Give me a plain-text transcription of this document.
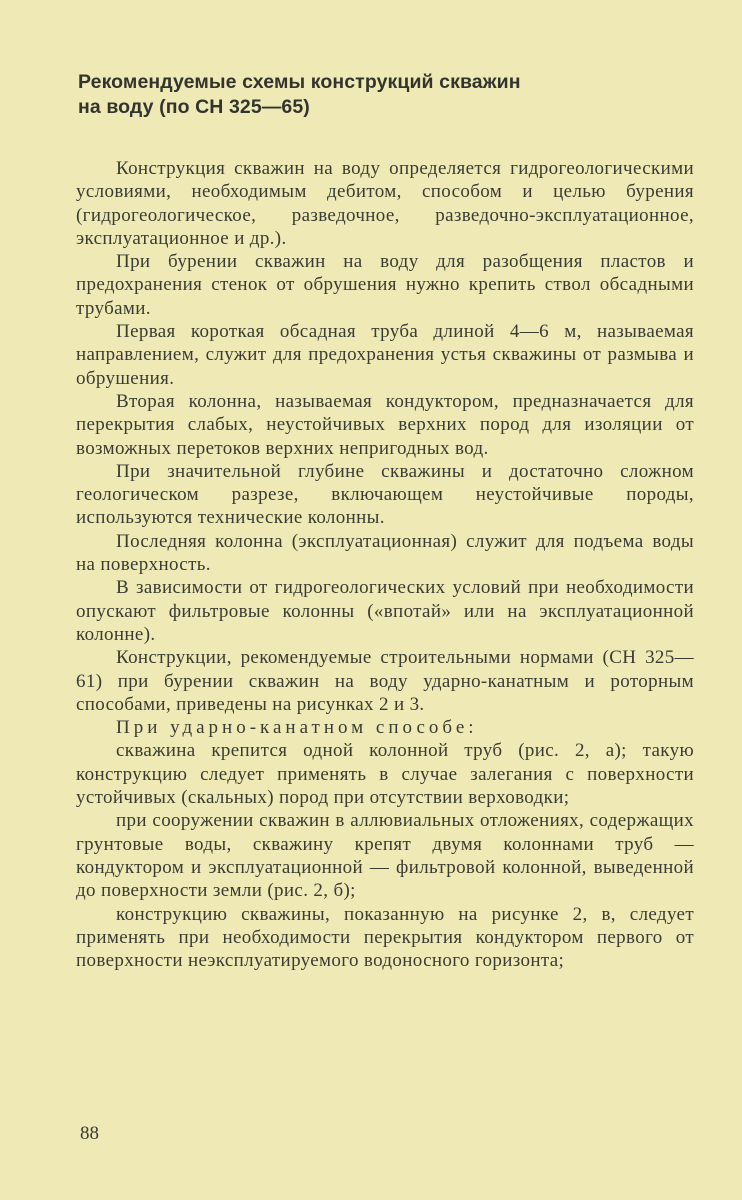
Рекомендуемые схемы конструкций скважин
на воду (по СН 325—65)

Конструкция скважин на воду определяется гидрогеологическими условиями, необходимым дебитом, способом и целью бурения (гидрогеологическое, разведочное, разведочно-эксплуатационное, эксплуатационное и др.).

При бурении скважин на воду для разобщения пластов и предохранения стенок от обрушения нужно крепить ствол обсадными трубами.

Первая короткая обсадная труба длиной 4—6 м, называемая направлением, служит для предохранения устья скважины от размыва и обрушения.

Вторая колонна, называемая кондуктором, предназначается для перекрытия слабых, неустойчивых верхних пород для изоляции от возможных перетоков верхних непригодных вод.

При значительной глубине скважины и достаточно сложном геологическом разрезе, включающем неустойчивые породы, используются технические колонны.

Последняя колонна (эксплуатационная) служит для подъема воды на поверхность.

В зависимости от гидрогеологических условий при необходимости опускают фильтровые колонны («впотай» или на эксплуатационной колонне).

Конструкции, рекомендуемые строительными нормами (СН 325—61) при бурении скважин на воду ударно-канатным и роторным способами, приведены на рисунках 2 и 3.

При ударно-канатном способе:

скважина крепится одной колонной труб (рис. 2, а); такую конструкцию следует применять в случае залегания с поверхности устойчивых (скальных) пород при отсутствии верховодки;

при сооружении скважин в аллювиальных отложениях, содержащих грунтовые воды, скважину крепят двумя колоннами труб — кондуктором и эксплуатационной — фильтровой колонной, выведенной до поверхности земли (рис. 2, б);

конструкцию скважины, показанную на рисунке 2, в, следует применять при необходимости перекрытия кондуктором первого от поверхности неэксплуатируемого водоносного горизонта;

88
